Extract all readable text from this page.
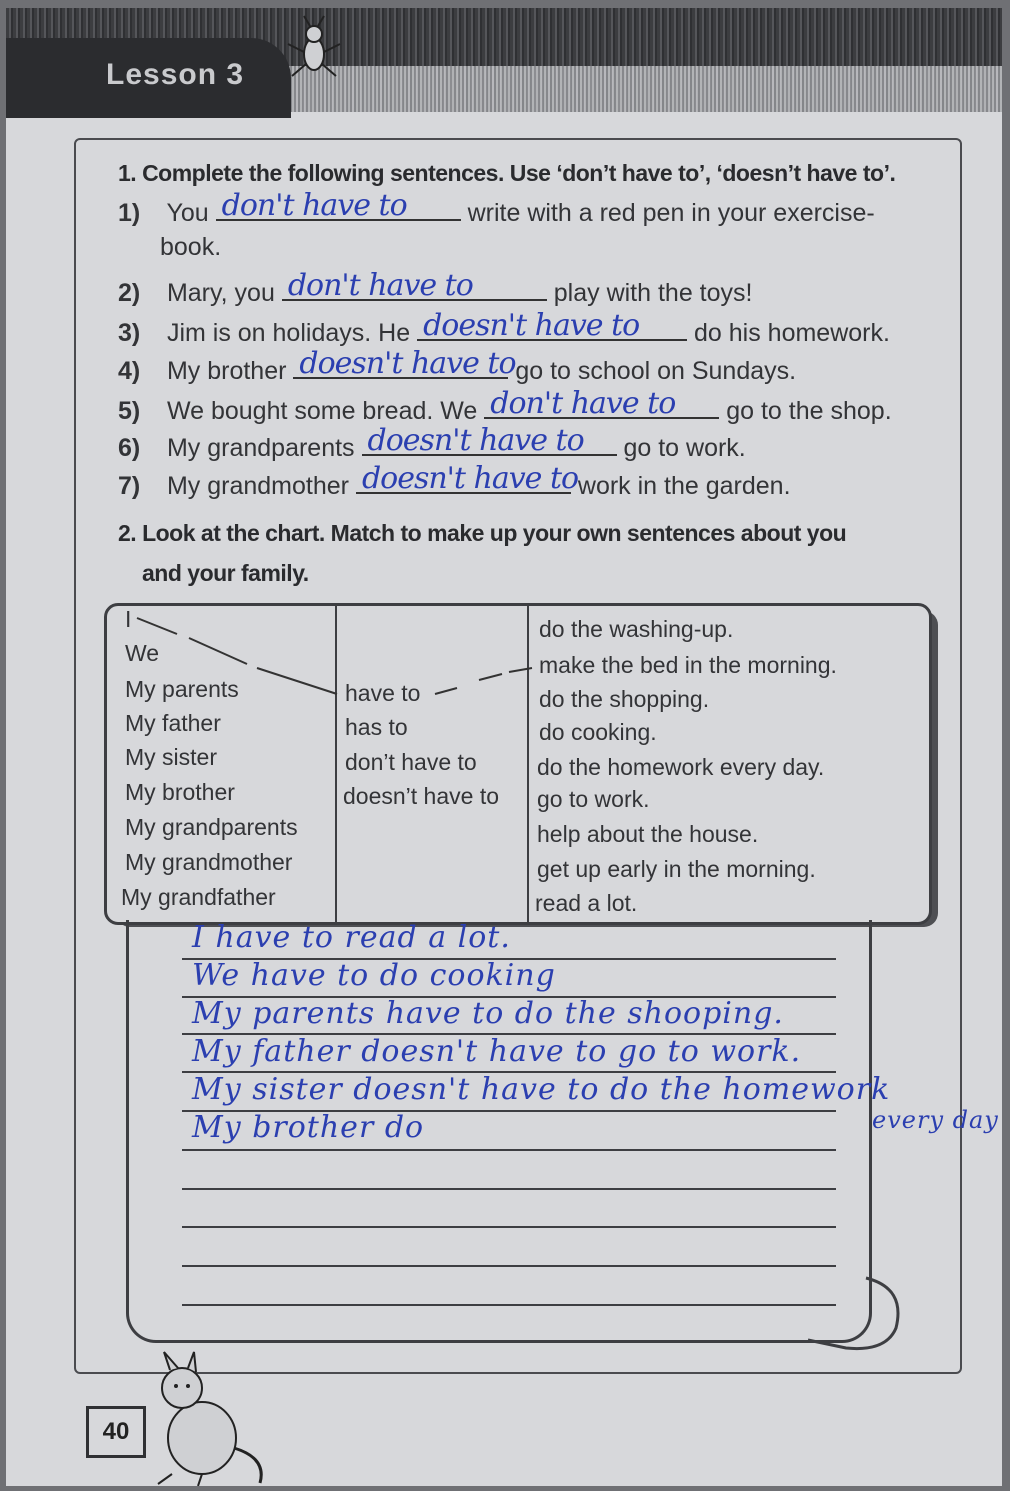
Lesson 3
1. Complete the following sentences. Use ‘don’t have to’, ‘doesn’t have to’.
1) You don't have to write with a red pen in your exercise-
book.
2) Mary, you don't have to	play with the toys!
3) Jim is on holidays. He doesn't have to do his homework.
4) My brother doesn't have to go to school on Sundays.
5) We bought some bread. We don't have to go to the shop.
6) My grandparents doesn't have to go to work.
7) My grandmother doesn't have to work in the garden.
2. Look at the chart. Match to make up your own sentences about you
and your family.
I
We
My parents
My father
My sister
My brother
My grandparents
My grandmother
My grandfather
have to
has to
don’t have to
doesn’t have to
do the washing-up.
make the bed in the morning.
do the shopping.
do cooking.
do the homework every day.
go to work.
help about the house.
get up early in the morning.
read a lot.
I have to read a lot.
We have to do cooking
My parents have to do the shooping.
My father doesn't have to go to work.
My sister doesn't have to do the homework
My brother do	every day
40
